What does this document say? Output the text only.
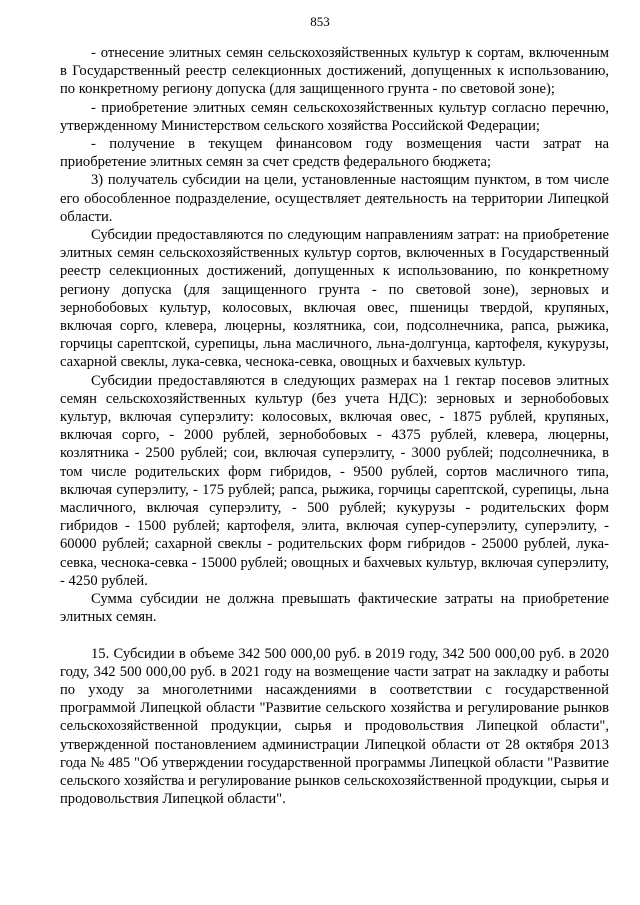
853

- отнесение элитных семян сельскохозяйственных культур к сортам, включенным в Государственный реестр селекционных достижений, допущенных к использованию, по конкретному региону допуска (для защищенного грунта - по световой зоне);

- приобретение элитных семян сельскохозяйственных культур согласно перечню, утвержденному Министерством сельского хозяйства Российской Федерации;

- получение в текущем финансовом году возмещения части затрат на приобретение элитных семян за счет средств федерального бюджета;

3) получатель субсидии на цели, установленные настоящим пунктом, в том числе его обособленное подразделение, осуществляет деятельность на территории Липецкой области.

Субсидии предоставляются по следующим направлениям затрат: на приобретение элитных семян сельскохозяйственных культур сортов, включенных в Государственный реестр селекционных достижений, допущенных к использованию, по конкретному региону допуска (для защищенного грунта - по световой зоне), зерновых и зернобобовых культур, колосовых, включая овес, пшеницы твердой, крупяных, включая сорго, клевера, люцерны, козлятника, сои, подсолнечника, рапса, рыжика, горчицы сарептской, сурепицы, льна масличного, льна-долгунца, картофеля, кукурузы, сахарной свеклы, лука-севка, чеснока-севка, овощных и бахчевых культур.

Субсидии предоставляются в следующих размерах на 1 гектар посевов элитных семян сельскохозяйственных культур (без учета НДС): зерновых и зернобобовых культур, включая суперэлиту: колосовых, включая овес, - 1875 рублей, крупяных, включая сорго, - 2000 рублей, зернобобовых - 4375 рублей, клевера, люцерны, козлятника - 2500 рублей; сои, включая суперэлиту, - 3000 рублей; подсолнечника, в том числе родительских форм гибридов, - 9500 рублей, сортов масличного типа, включая суперэлиту, - 175 рублей; рапса, рыжика, горчицы сарептской, сурепицы, льна масличного, включая суперэлиту, - 500 рублей; кукурузы - родительских форм гибридов - 1500 рублей; картофеля, элита, включая супер-суперэлиту, суперэлиту, - 60000 рублей; сахарной свеклы - родительских форм гибридов - 25000 рублей, лука-севка, чеснока-севка - 15000 рублей; овощных и бахчевых культур, включая суперэлиту, - 4250 рублей.

Сумма субсидии не должна превышать фактические затраты на приобретение элитных семян.

15. Субсидии в объеме 342 500 000,00 руб. в 2019 году, 342 500 000,00 руб. в 2020 году, 342 500 000,00 руб. в 2021 году на возмещение части затрат на закладку и работы по уходу за многолетними насаждениями в соответствии с государственной программой Липецкой области "Развитие сельского хозяйства и регулирование рынков сельскохозяйственной продукции, сырья и продовольствия Липецкой области", утвержденной постановлением администрации Липецкой области от 28 октября 2013 года № 485 "Об утверждении государственной программы Липецкой области "Развитие сельского хозяйства и регулирование рынков сельскохозяйственной продукции, сырья и продовольствия Липецкой области".
